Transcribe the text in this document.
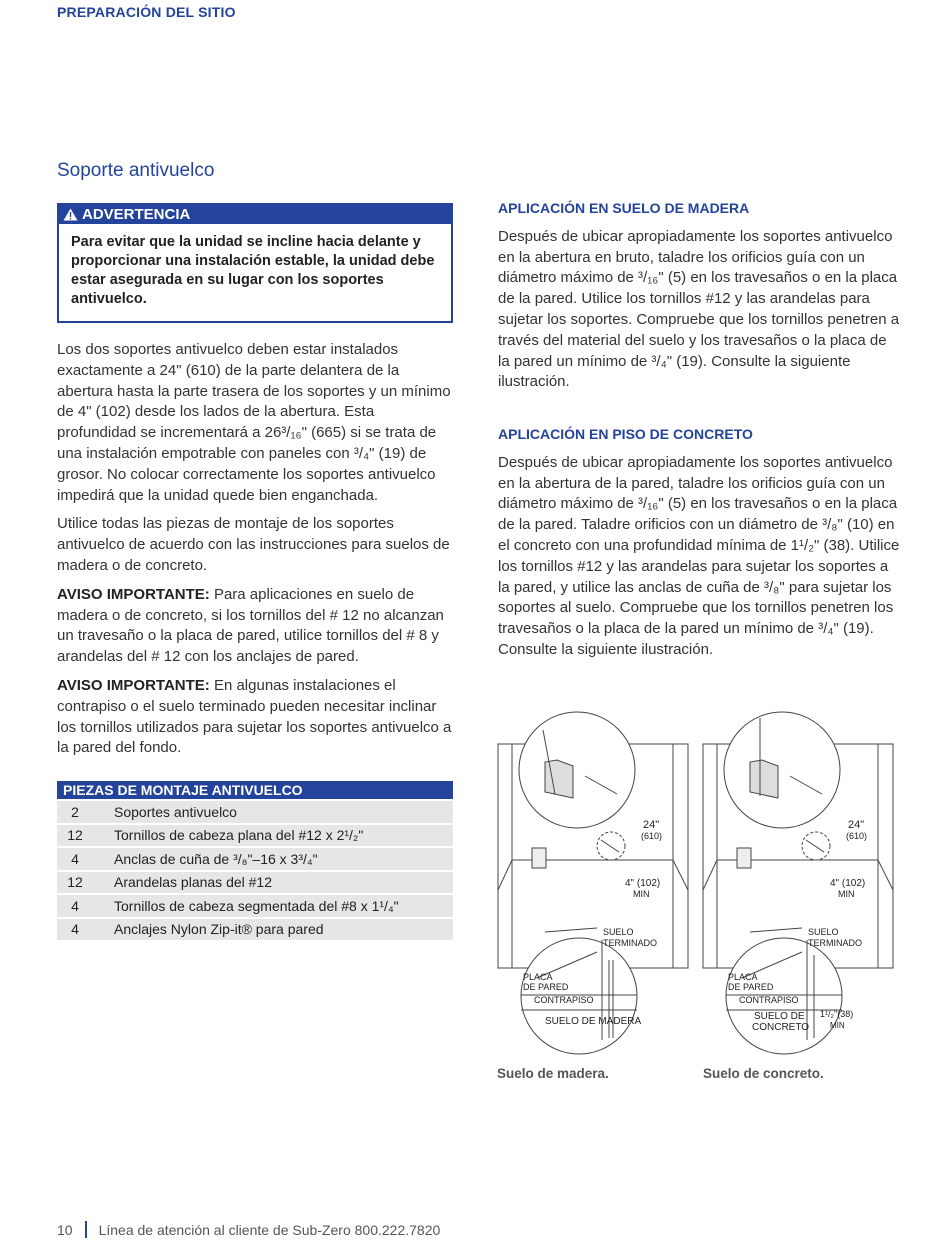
PREPARACIÓN DEL SITIO
Soporte antivuelco
ADVERTENCIA
Para evitar que la unidad se incline hacia delante y proporcionar una instalación estable, la unidad debe estar asegurada en su lugar con los soportes antivuelco.

Los dos soportes antivuelco deben estar instalados exactamente a 24" (610) de la parte delantera de la abertura hasta la parte trasera de los soportes y un mínimo de 4" (102) desde los lados de la abertura. Esta profundidad se incrementará a 26³/₁₆" (665) si se trata de una instalación empotrable con paneles con ³/₄" (19) de grosor. No colocar correctamente los soportes antivuelco impedirá que la unidad quede bien enganchada.

Utilice todas las piezas de montaje de los soportes antivuelco de acuerdo con las instrucciones para suelos de madera o de concreto.

AVISO IMPORTANTE: Para aplicaciones en suelo de madera o de concreto, si los tornillos del # 12 no alcanzan un travesaño o la placa de pared, utilice tornillos del # 8 y arandelas del # 12 con los anclajes de pared.

AVISO IMPORTANTE: En algunas instalaciones el contrapiso o el suelo terminado pueden necesitar inclinar los tornillos utilizados para sujetar los soportes antivuelco a la pared del fondo.

PIEZAS DE MONTAJE ANTIVUELCO
2	Soportes antivuelco
12	Tornillos de cabeza plana del #12 x 2¹/₂"
4	Anclas de cuña de ³/₈"–16 x 3³/₄"
12	Arandelas planas del #12
4	Tornillos de cabeza segmentada del #8 x 1¹/₄"
4	Anclajes Nylon Zip-it® para pared
APLICACIÓN EN SUELO DE MADERA

Después de ubicar apropiadamente los soportes antivuelco en la abertura en bruto, taladre los orificios guía con un diámetro máximo de ³/₁₆" (5) en los travesaños o en la placa de la pared. Utilice los tornillos #12 y las arandelas para sujetar los soportes. Compruebe que los tornillos penetren a través del material del suelo y los travesaños o la placa de la pared un mínimo de ³/₄" (19). Consulte la siguiente ilustración.

APLICACIÓN EN PISO DE CONCRETO

Después de ubicar apropiadamente los soportes antivuelco en la abertura de la pared, taladre los orificios guía con un diámetro máximo de ³/₁₆" (5) en los travesaños o en la placa de la pared. Taladre orificios con un diámetro de ³/₈" (10) en el concreto con una profundidad mínima de 1¹/₂" (38). Utilice los tornillos #12 y las arandelas para sujetar los soportes a la pared, y utilice las anclas de cuña de ³/₈" para sujetar los soportes al suelo. Compruebe que los tornillos penetren los travesaños o la placa de la pared un mínimo de ³/₄" (19). Consulte la siguiente ilustración.

24"
(610)
4" (102)
MIN
SUELO
TERMINADO
PLACA
DE PARED
CONTRAPISO
SUELO DE MADERA
24"
(610)
4" (102)
MIN
SUELO
TERMINADO
PLACA
DE PARED
CONTRAPISO
SUELO DE
CONCRETO
1¹/₂"(38)
MIN
Suelo de madera.	Suelo de concreto.
10 Línea de atención al cliente de Sub-Zero 800.222.7820
